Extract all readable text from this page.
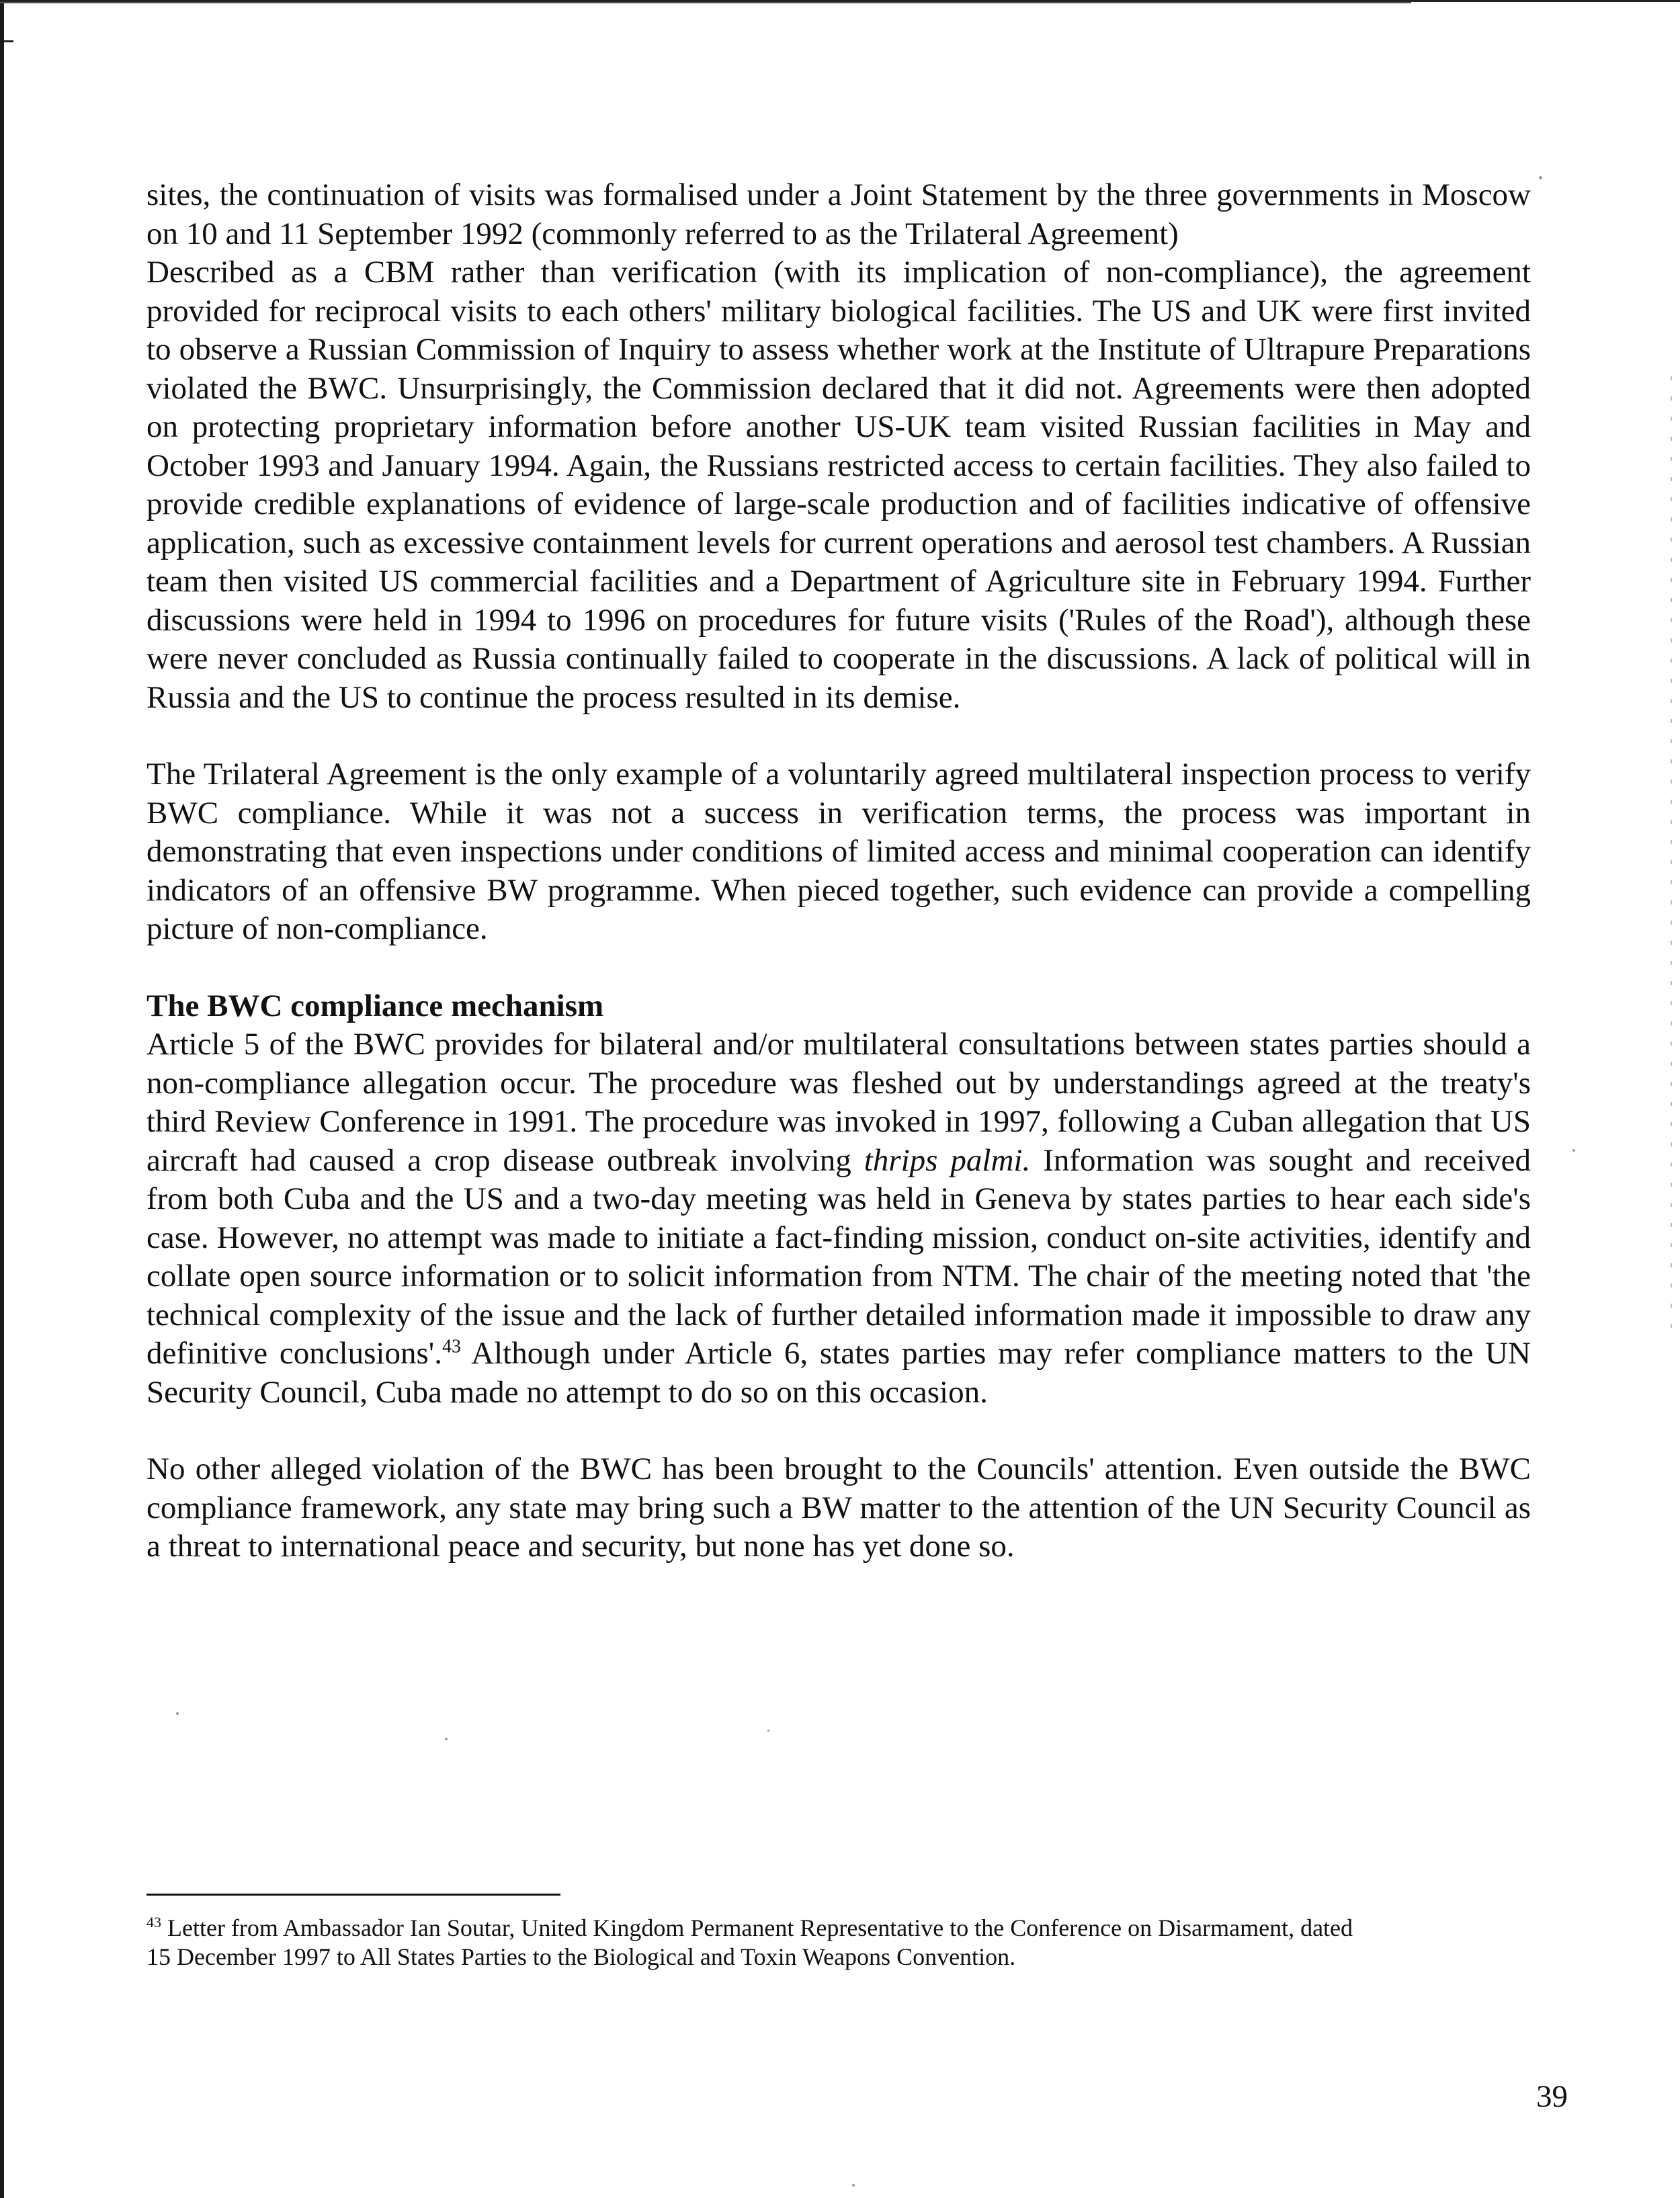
sites, the continuation of visits was formalised under a Joint Statement by the three governments in Moscow on 10 and 11 September 1992 (commonly referred to as the Trilateral Agreement)
Described as a CBM rather than verification (with its implication of non-compliance), the agreement provided for reciprocal visits to each others' military biological facilities. The US and UK were first invited to observe a Russian Commission of Inquiry to assess whether work at the Institute of Ultrapure Preparations violated the BWC. Unsurprisingly, the Commission declared that it did not. Agreements were then adopted on protecting proprietary information before another US-UK team visited Russian facilities in May and October 1993 and January 1994. Again, the Russians restricted access to certain facilities. They also failed to provide credible explanations of evidence of large-scale production and of facilities indicative of offensive application, such as excessive containment levels for current operations and aerosol test chambers. A Russian team then visited US commercial facilities and a Department of Agriculture site in February 1994. Further discussions were held in 1994 to 1996 on procedures for future visits ('Rules of the Road'), although these were never concluded as Russia continually failed to cooperate in the discussions. A lack of political will in Russia and the US to continue the process resulted in its demise.

The Trilateral Agreement is the only example of a voluntarily agreed multilateral inspection process to verify BWC compliance. While it was not a success in verification terms, the process was important in demonstrating that even inspections under conditions of limited access and minimal cooperation can identify indicators of an offensive BW programme. When pieced together, such evidence can provide a compelling picture of non-compliance.

The BWC compliance mechanism

Article 5 of the BWC provides for bilateral and/or multilateral consultations between states parties should a non-compliance allegation occur. The procedure was fleshed out by understandings agreed at the treaty's third Review Conference in 1991. The procedure was invoked in 1997, following a Cuban allegation that US aircraft had caused a crop disease outbreak involving thrips palmi. Information was sought and received from both Cuba and the US and a two-day meeting was held in Geneva by states parties to hear each side's case. However, no attempt was made to initiate a fact-finding mission, conduct on-site activities, identify and collate open source information or to solicit information from NTM. The chair of the meeting noted that 'the technical complexity of the issue and the lack of further detailed information made it impossible to draw any definitive conclusions'.$^{43}$ Although under Article 6, states parties may refer compliance matters to the UN Security Council, Cuba made no attempt to do so on this occasion.

No other alleged violation of the BWC has been brought to the Councils' attention. Even outside the BWC compliance framework, any state may bring such a BW matter to the attention of the UN Security Council as a threat to international peace and security, but none has yet done so.

$^{43}$ Letter from Ambassador Ian Soutar, United Kingdom Permanent Representative to the Conference on Disarmament, dated 15 December 1997 to All States Parties to the Biological and Toxin Weapons Convention.
39
